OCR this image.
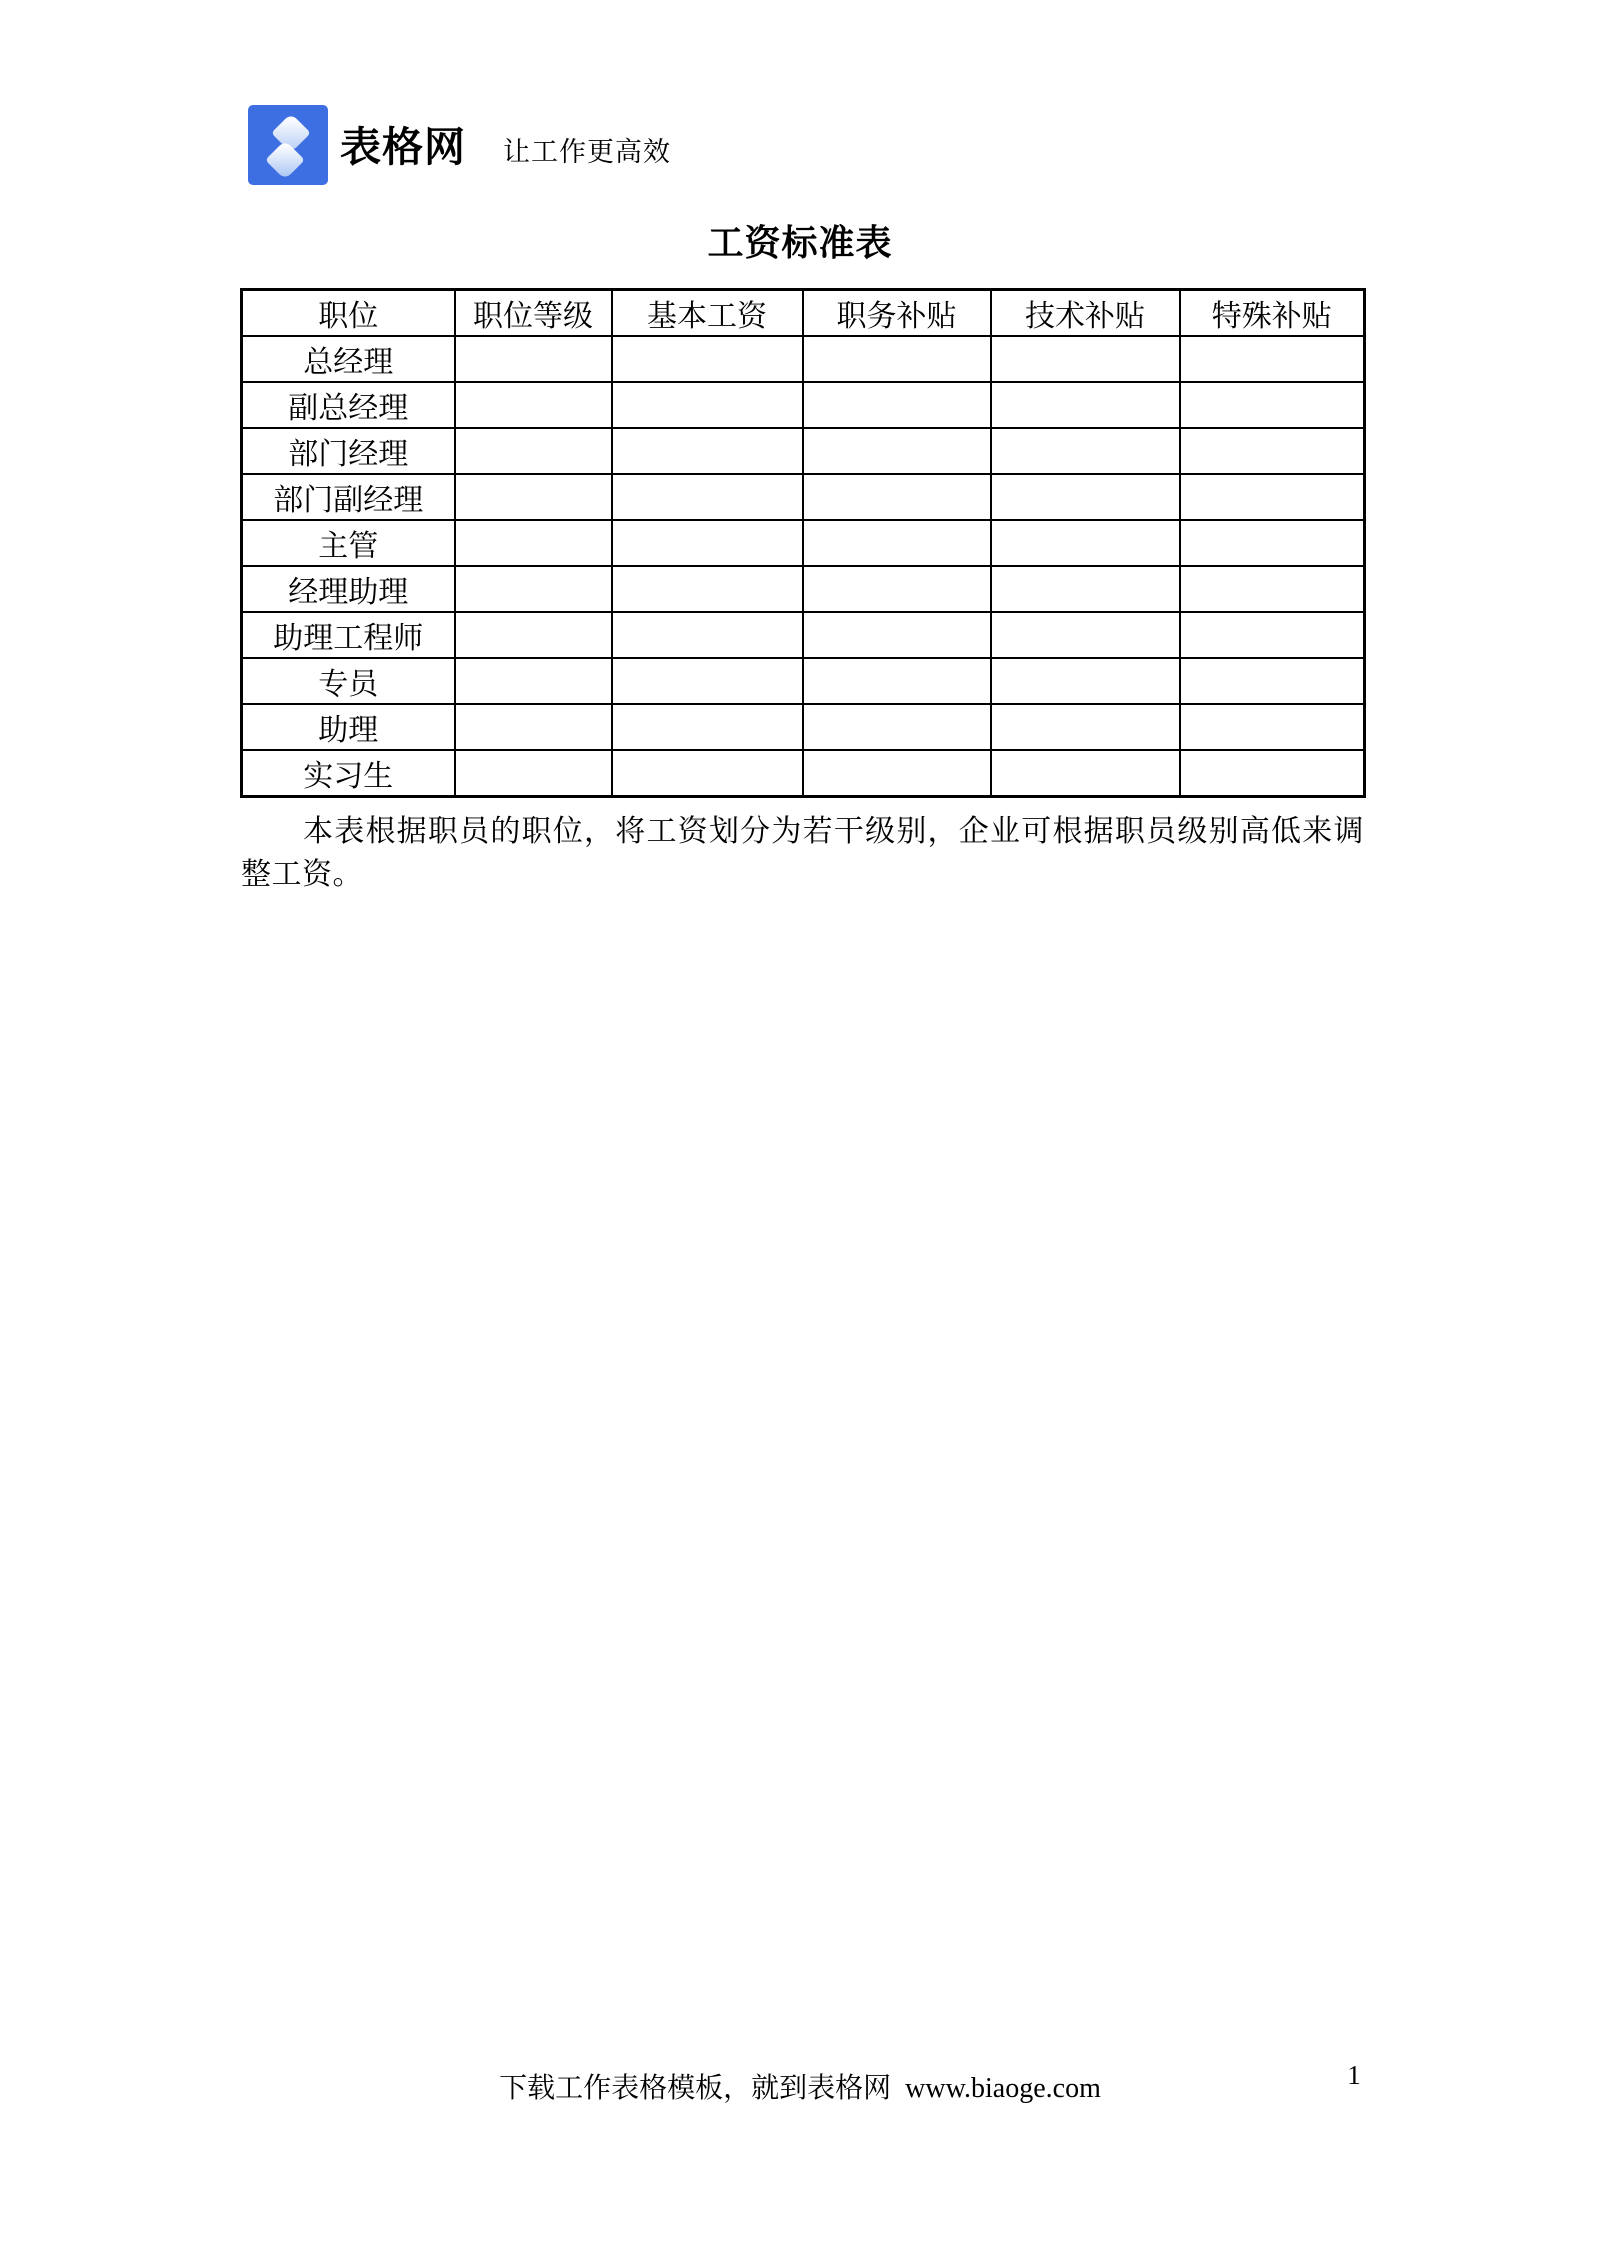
表格网 让工作更高效
工资标准表
职位	职位等级	基本工资	职务补贴	技术补贴	特殊补贴
总经理					
副总经理					
部门经理					
部门副经理					
主管					
经理助理					
助理工程师					
专员					
助理					
实习生					

本表根据职员的职位，将工资划分为若干级别，企业可根据职员级别高低来调整工资。

下载工作表格模板，就到表格网  www.biaoge.com	1
